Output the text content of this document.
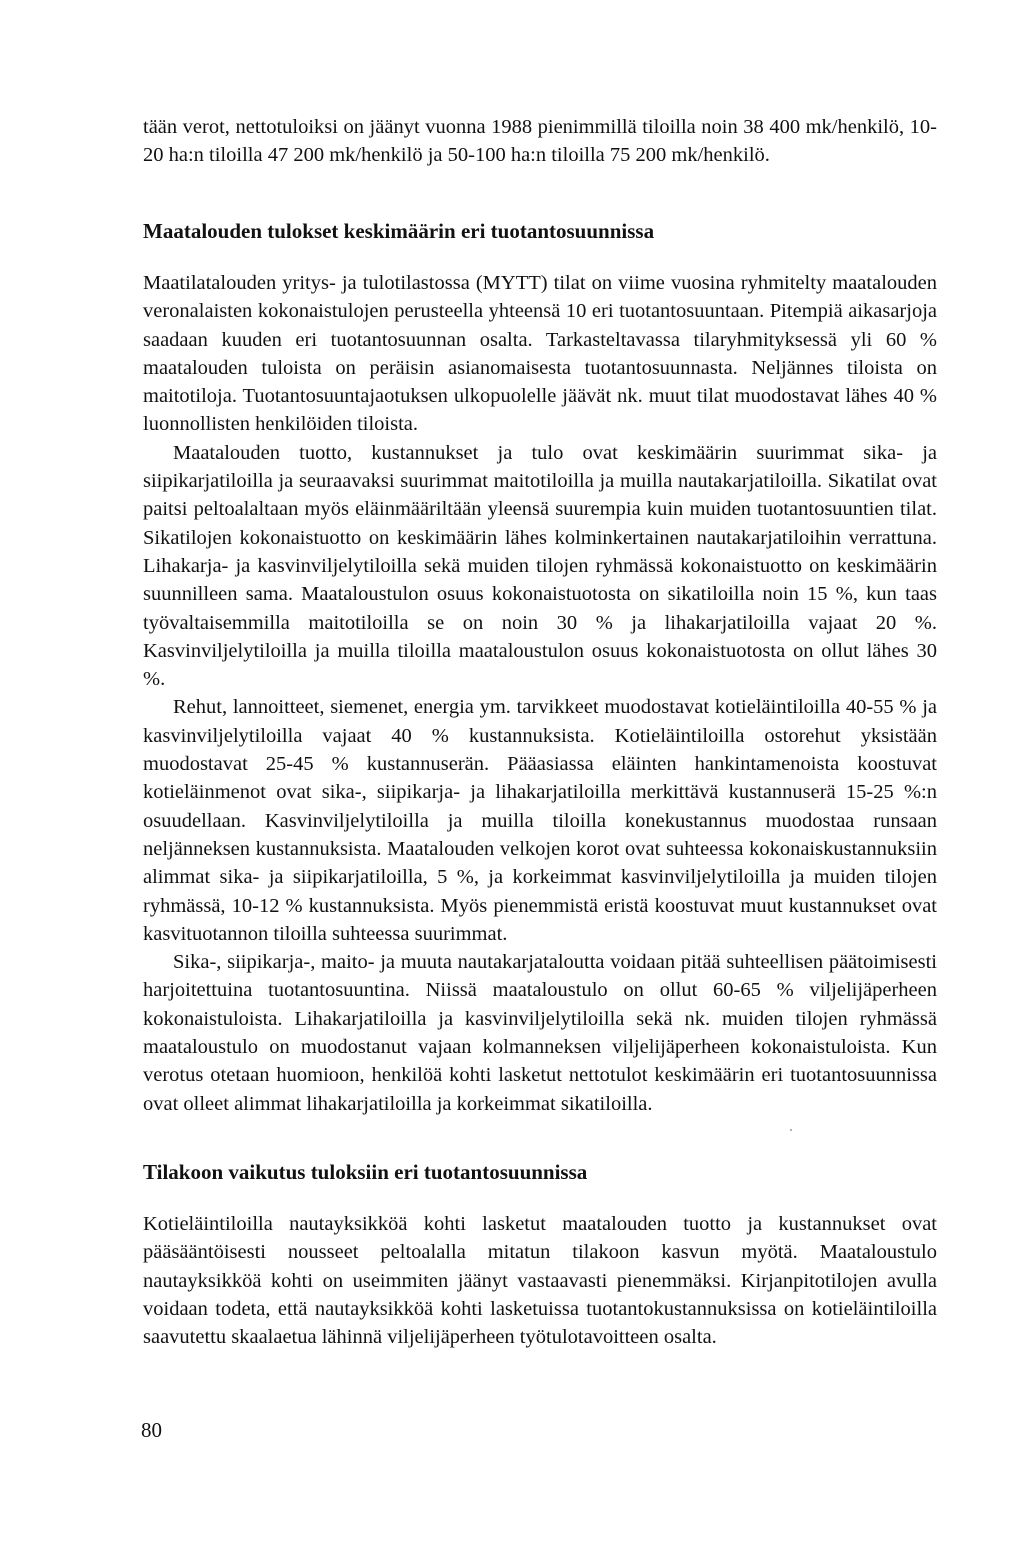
tään verot, nettotuloiksi on jäänyt vuonna 1988 pienimmillä tiloilla noin 38 400 mk/henkilö, 10-20 ha:n tiloilla 47 200 mk/henkilö ja 50-100 ha:n tiloilla 75 200 mk/henkilö.

Maatalouden tulokset keskimäärin eri tuotantosuunnissa

Maatilatalouden yritys- ja tulotilastossa (MYTT) tilat on viime vuosina ryhmitelty maatalouden veronalaisten kokonaistulojen perusteella yhteensä 10 eri tuotantosuuntaan. Pitempiä aikasarjoja saadaan kuuden eri tuotantosuunnan osalta. Tarkasteltavassa tilaryhmityksessä yli 60 % maatalouden tuloista on peräisin asianomaisesta tuotantosuunnasta. Neljännes tiloista on maitotiloja. Tuotantosuuntajaotuksen ulkopuolelle jäävät nk. muut tilat muodostavat lähes 40 % luonnollisten henkilöiden tiloista.

Maatalouden tuotto, kustannukset ja tulo ovat keskimäärin suurimmat sika- ja siipikarjatiloilla ja seuraavaksi suurimmat maitotiloilla ja muilla nautakarjatiloilla. Sikatilat ovat paitsi peltoalaltaan myös eläinmääriltään yleensä suurempia kuin muiden tuotantosuuntien tilat. Sikatilojen kokonaistuotto on keskimäärin lähes kolminkertainen nautakarjatiloihin verrattuna. Lihakarja- ja kasvinviljelytiloilla sekä muiden tilojen ryhmässä kokonaistuotto on keskimäärin suunnilleen sama. Maataloustulon osuus kokonaistuotosta on sikatiloilla noin 15 %, kun taas työvaltaisemmilla maitotiloilla se on noin 30 % ja lihakarjatiloilla vajaat 20 %. Kasvinviljelytiloilla ja muilla tiloilla maataloustulon osuus kokonaistuotosta on ollut lähes 30 %.

Rehut, lannoitteet, siemenet, energia ym. tarvikkeet muodostavat kotieläintiloilla 40-55 % ja kasvinviljelytiloilla vajaat 40 % kustannuksista. Kotieläintiloilla ostorehut yksistään muodostavat 25-45 % kustannuserän. Pääasiassa eläinten hankintamenoista koostuvat kotieläinmenot ovat sika-, siipikarja- ja lihakarjatiloilla merkittävä kustannuserä 15-25 %:n osuudellaan. Kasvinviljelytiloilla ja muilla tiloilla konekustannus muodostaa runsaan neljänneksen kustannuksista. Maatalouden velkojen korot ovat suhteessa kokonaiskustannuksiin alimmat sika- ja siipikarjatiloilla, 5 %, ja korkeimmat kasvinviljelytiloilla ja muiden tilojen ryhmässä, 10-12 % kustannuksista. Myös pienemmistä eristä koostuvat muut kustannukset ovat kasvituotannon tiloilla suhteessa suurimmat.

Sika-, siipikarja-, maito- ja muuta nautakarjataloutta voidaan pitää suhteellisen päätoimisesti harjoitettuina tuotantosuuntina. Niissä maataloustulo on ollut 60-65 % viljelijäperheen kokonaistuloista. Lihakarjatiloilla ja kasvinviljelytiloilla sekä nk. muiden tilojen ryhmässä maataloustulo on muodostanut vajaan kolmanneksen viljelijäperheen kokonaistuloista. Kun verotus otetaan huomioon, henkilöä kohti lasketut nettotulot keskimäärin eri tuotantosuunnissa ovat olleet alimmat lihakarjatiloilla ja korkeimmat sikatiloilla.

Tilakoon vaikutus tuloksiin eri tuotantosuunnissa

Kotieläintiloilla nautayksikköä kohti lasketut maatalouden tuotto ja kustannukset ovat pääsääntöisesti nousseet peltoalalla mitatun tilakoon kasvun myötä. Maataloustulo nautayksikköä kohti on useimmiten jäänyt vastaavasti pienemmäksi. Kirjanpitotilojen avulla voidaan todeta, että nautayksikköä kohti lasketuissa tuotantokustannuksissa on kotieläintiloilla saavutettu skaalaetua lähinnä viljelijäperheen työtulotavoitteen osalta.

80
